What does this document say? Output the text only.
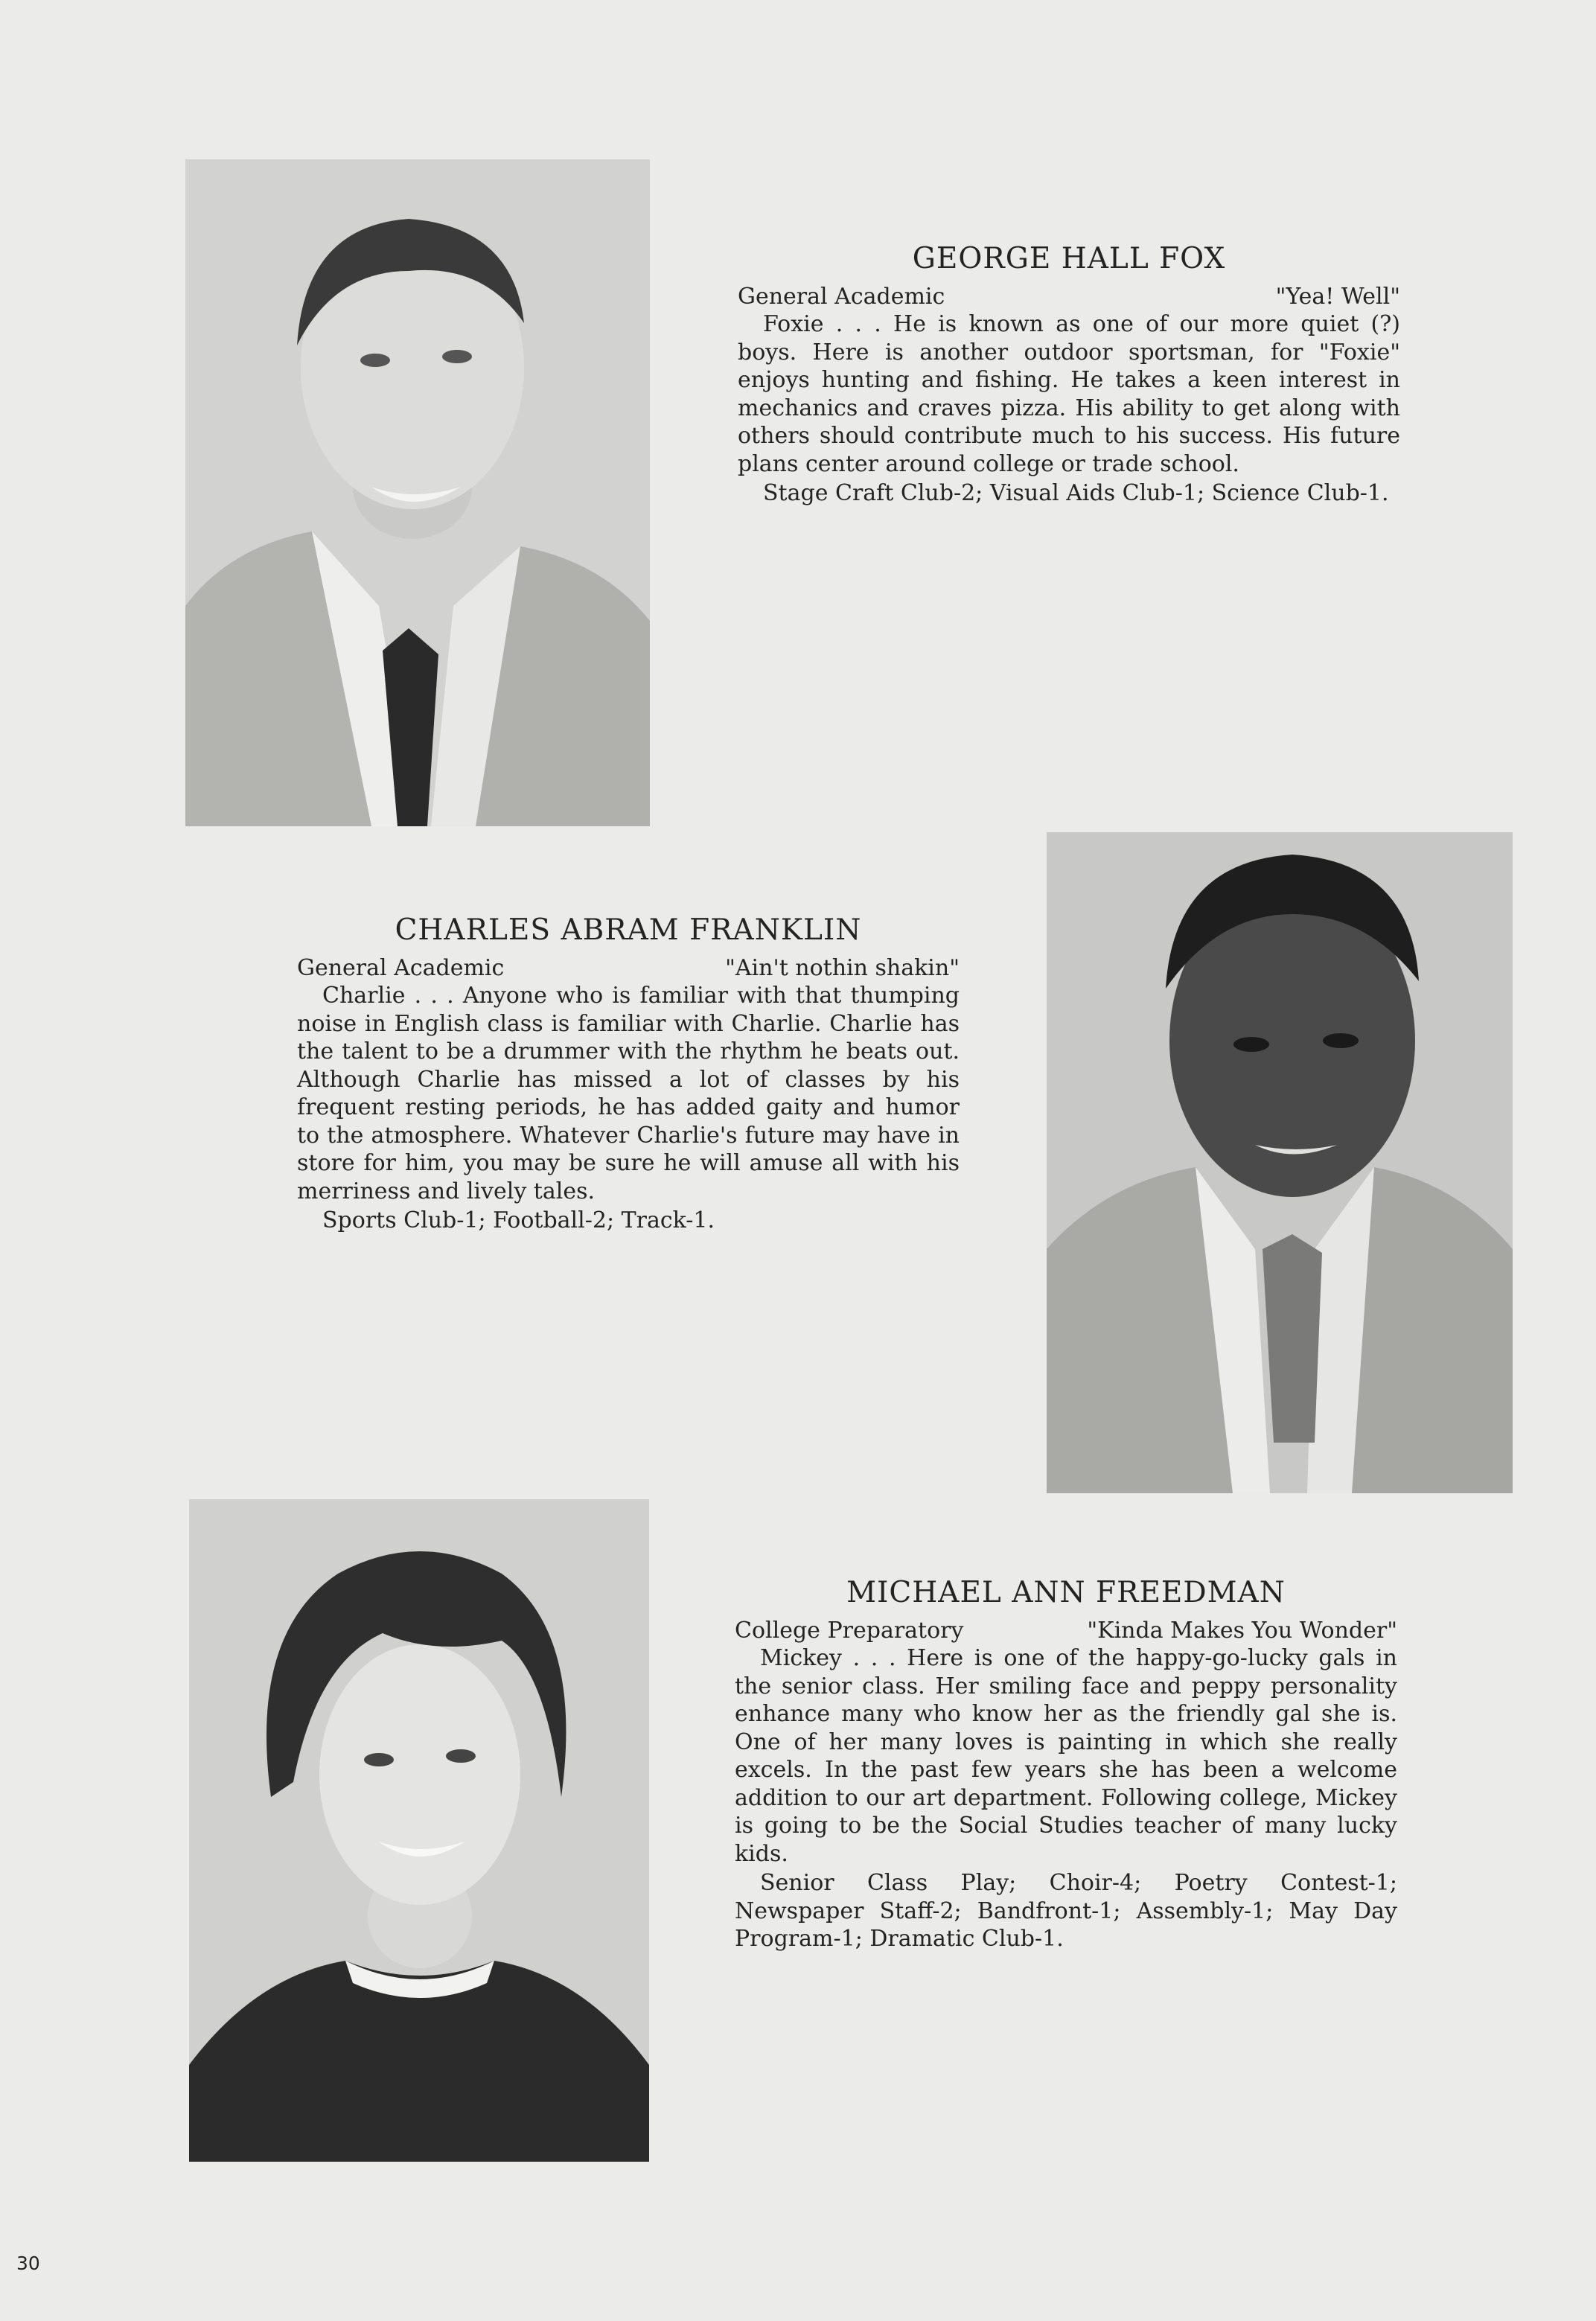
GEORGE HALL FOX
General Academic	"Yea! Well"

Foxie . . . He is known as one of our more quiet (?) boys. Here is another outdoor sportsman, for "Foxie" enjoys hunting and fishing. He takes a keen interest in mechanics and craves pizza. His ability to get along with others should contribute much to his success. His future plans center around college or trade school.

Stage Craft Club-2; Visual Aids Club-1; Science Club-1.

CHARLES ABRAM FRANKLIN
General Academic	"Ain't nothin shakin"

Charlie . . . Anyone who is familiar with that thumping noise in English class is familiar with Charlie. Charlie has the talent to be a drummer with the rhythm he beats out. Although Charlie has missed a lot of classes by his frequent resting periods, he has added gaity and humor to the atmosphere. Whatever Charlie's future may have in store for him, you may be sure he will amuse all with his merriness and lively tales.

Sports Club-1; Football-2; Track-1.

MICHAEL ANN FREEDMAN
College Preparatory	"Kinda Makes You Wonder"

Mickey . . . Here is one of the happy-go-lucky gals in the senior class. Her smiling face and peppy personality enhance many who know her as the friendly gal she is. One of her many loves is painting in which she really excels. In the past few years she has been a welcome addition to our art department. Following college, Mickey is going to be the Social Studies teacher of many lucky kids.

Senior Class Play; Choir-4; Poetry Contest-1; Newspaper Staff-2; Bandfront-1; Assembly-1; May Day Program-1; Dramatic Club-1.

30
